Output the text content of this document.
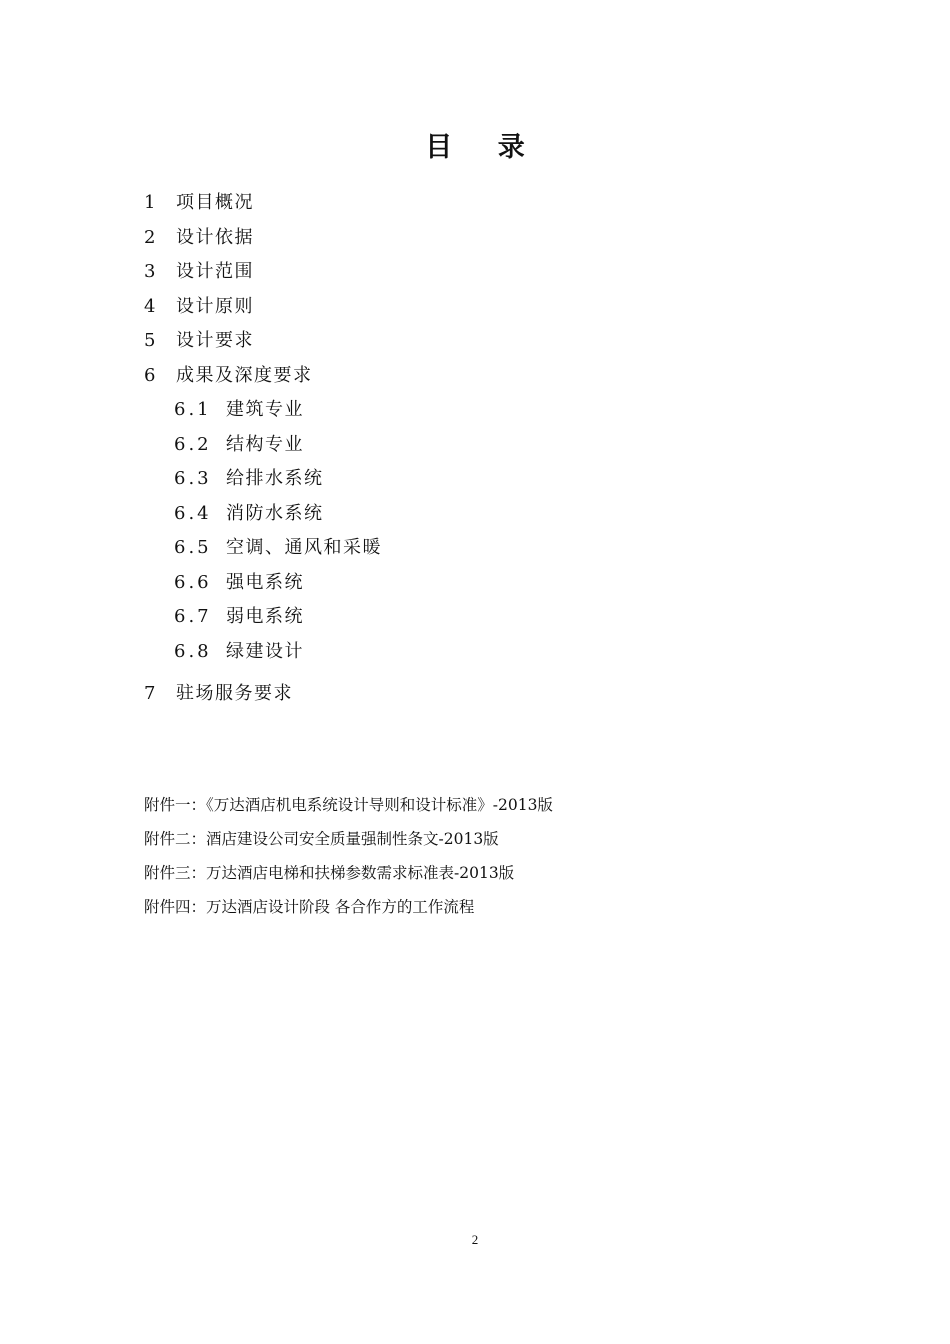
目 录
1 项目概况
2 设计依据
3 设计范围
4 设计原则
5 设计要求
6 成果及深度要求
6.1 建筑专业
6.2 结构专业
6.3 给排水系统
6.4 消防水系统
6.5 空调、通风和采暖
6.6 强电系统
6.7 弱电系统
6.8 绿建设计
7 驻场服务要求
附件一：《万达酒店机电系统设计导则和设计标准》-2013版
附件二：酒店建设公司安全质量强制性条文-2013版
附件三：万达酒店电梯和扶梯参数需求标准表-2013版
附件四：万达酒店设计阶段 各合作方的工作流程
2
